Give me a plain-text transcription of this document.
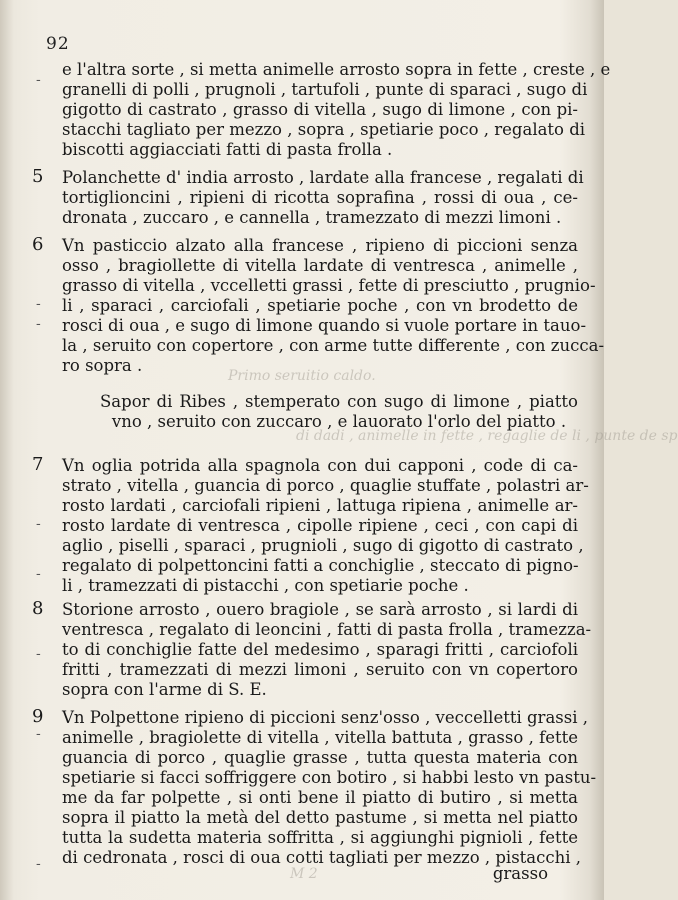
92
e l'altra sorte , si metta animelle arrosto sopra in fette , creste , e
granelli di polli , prugnoli , tartufoli , punte di sparaci , sugo di
gigotto di castrato , grasso di vitella , sugo di limone , con pi-
stacchi tagliato per mezzo , sopra , spetiarie poco , regalato di
biscotti aggiacciati fatti di pasta frolla .
Polanchette d' india arrosto , lardate alla francese , regalati di
tortiglioncini , ripieni di ricotta soprafina , rossi di oua , ce-
dronata , zuccaro , e cannella , tramezzato di mezzi limoni .
Vn pasticcio alzato alla francese , ripieno di piccioni senza
osso , bragiollette di vitella lardate di ventresca , animelle ,
grasso di vitella , vccelletti grassi , fette di presciutto , prugnio-
li , sparaci , carciofali , spetiarie poche , con vn brodetto de
rosci di oua , e sugo di limone quando si vuole portare in tauo-
la , seruito con copertore , con arme tutte differente , con zucca-
ro sopra .
Sapor di Ribes , stemperato con sugo di limone , piatto
vno , seruito con zuccaro , e lauorato l'orlo del piatto .
Vn oglia potrida alla spagnola con dui capponi , code di ca-
strato , vitella , guancia di porco , quaglie stuffate , polastri ar-
rosto lardati , carciofali ripieni , lattuga ripiena , animelle ar-
rosto lardate di ventresca , cipolle ripiene , ceci , con capi di
aglio , piselli , sparaci , prugnioli , sugo di gigotto di castrato ,
regalato di polpettoncini fatti a conchiglie , steccato di pigno-
li , tramezzati di pistacchi , con spetiarie poche .
Storione arrosto , ouero bragiole , se sarà arrosto , si lardi di
ventresca , regalato di leoncini , fatti di pasta frolla , tramezza-
to di conchiglie fatte del medesimo , sparagi fritti , carciofoli
fritti , tramezzati di mezzi limoni , seruito con vn copertoro
sopra con l'arme di S. E.
Vn Polpettone ripieno di piccioni senz'osso , veccelletti grassi ,
animelle , bragiolette di vitella , vitella battuta , grasso , fette
guancia di porco , quaglie grasse , tutta questa materia con
spetiarie si facci soffriggere con botiro , si habbi lesto vn pastu-
me da far polpette , si onti bene il piatto di butiro , si metta
sopra il piatto la metà del detto pastume , si metta nel piatto
tutta la sudetta materia soffritta , si aggiunghi pignioli , fette
di cedronata , rosci di oua cotti tagliati per mezzo , pistacchi ,
Primo seruitio caldo.
di dadi , animelle in fette , regaglie de li , punte de sp
M 2
-
-
-
-
-
-
-
-	grasso
5
6
7
8
9
